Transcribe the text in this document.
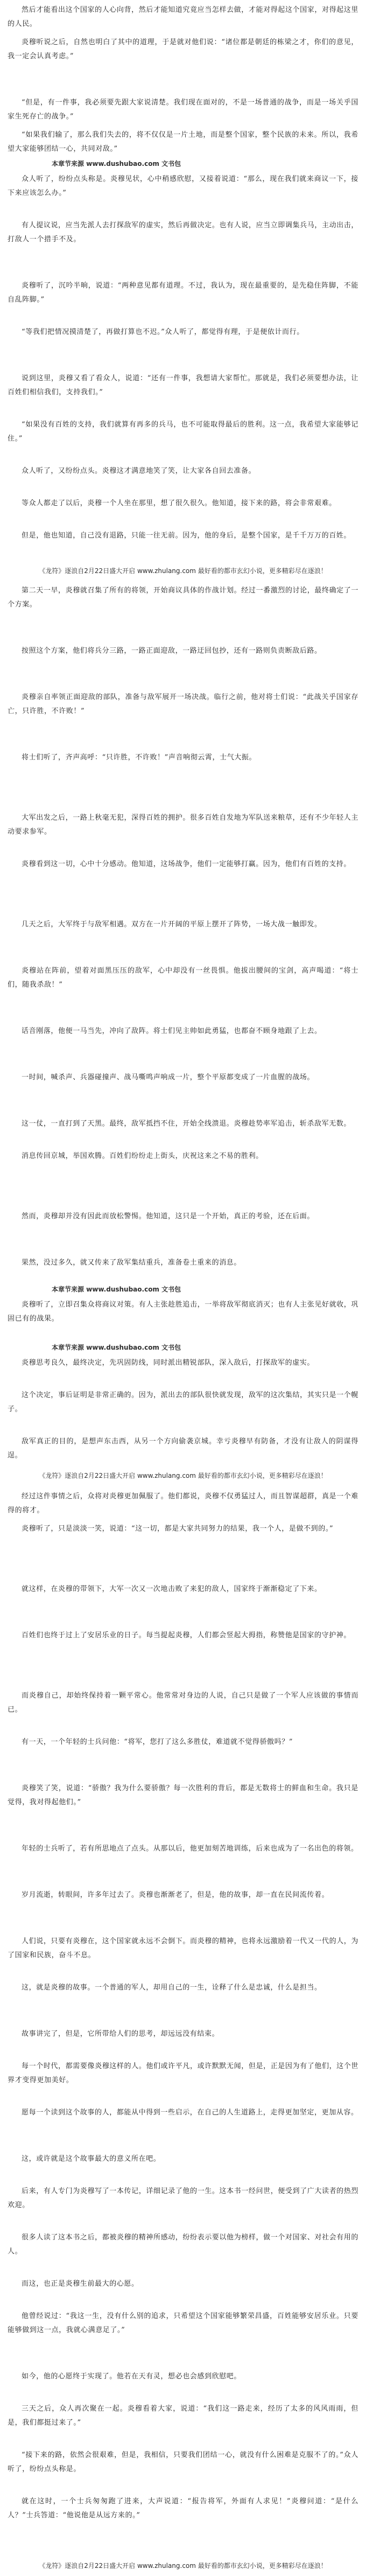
然后才能看出这个国家的人心向背，然后才能知道究竟应当怎样去做，才能对得起这个国家，对得起这里的人民。

炎穆听说之后，自然也明白了其中的道理，于是就对他们说：“诸位都是朝廷的栋梁之才，你们的意见，我一定会认真考虑。”

“但是，有一件事，我必须要先跟大家说清楚。我们现在面对的，不是一场普通的战争，而是一场关乎国家生死存亡的战争。”

“如果我们输了，那么我们失去的，将不仅仅是一片土地，而是整个国家，整个民族的未来。所以，我希望大家能够团结一心，共同对敌。”

本章节来源 www.dushubao.com 文书包

众人听了，纷纷点头称是。炎穆见状，心中稍感欣慰，又接着说道：“那么，现在我们就来商议一下，接下来应该怎么办。”

有人提议说，应当先派人去打探敌军的虚实，然后再做决定。也有人说，应当立即调集兵马，主动出击，打敌人一个措手不及。

炎穆听了，沉吟半晌，说道：“两种意见都有道理。不过，我认为，现在最重要的，是先稳住阵脚，不能自乱阵脚。”

“等我们把情况摸清楚了，再做打算也不迟。”众人听了，都觉得有理，于是便依计而行。

说到这里，炎穆又看了看众人，说道：“还有一件事，我想请大家帮忙。那就是，我们必须要想办法，让百姓们相信我们，支持我们。”

“如果没有百姓的支持，我们就算有再多的兵马，也不可能取得最后的胜利。这一点，我希望大家能够记住。”

众人听了，又纷纷点头。炎穆这才满意地笑了笑，让大家各自回去准备。

等众人都走了以后，炎穆一个人坐在那里，想了很久很久。他知道，接下来的路，将会非常艰难。

但是，他也知道，自己没有退路，只能一往无前。因为，他的身后，是整个国家，是千千万万的百姓。

《龙符》逐浪自2月22日盛大开启 www.zhulang.com 最好看的都市玄幻小说，更多精彩尽在逐浪！

第二天一早，炎穆就召集了所有的将领，开始商议具体的作战计划。经过一番激烈的讨论，最终确定了一个方案。

按照这个方案，他们将兵分三路，一路正面迎敌，一路迂回包抄，还有一路则负责断敌后路。

炎穆亲自率领正面迎敌的部队，准备与敌军展开一场决战。临行之前，他对将士们说：“此战关乎国家存亡，只许胜，不许败！”

将士们听了，齐声高呼：“只许胜，不许败！”声音响彻云霄，士气大振。

大军出发之后，一路上秋毫无犯，深得百姓的拥护。很多百姓自发地为军队送来粮草，还有不少年轻人主动要求参军。

炎穆看到这一切，心中十分感动。他知道，这场战争，他们一定能够打赢。因为，他们有百姓的支持。

几天之后，大军终于与敌军相遇。双方在一片开阔的平原上摆开了阵势，一场大战一触即发。

炎穆站在阵前，望着对面黑压压的敌军，心中却没有一丝畏惧。他拔出腰间的宝剑，高声喝道：“将士们，随我杀敌！”

话音刚落，他便一马当先，冲向了敌阵。将士们见主帅如此勇猛，也都奋不顾身地跟了上去。

一时间，喊杀声、兵器碰撞声、战马嘶鸣声响成一片，整个平原都变成了一片血腥的战场。

这一仗，一直打到了天黑。最终，敌军抵挡不住，开始全线溃退。炎穆趁势率军追击，斩杀敌军无数。

消息传回京城，举国欢腾。百姓们纷纷走上街头，庆祝这来之不易的胜利。

然而，炎穆却并没有因此而放松警惕。他知道，这只是一个开始，真正的考验，还在后面。

果然，没过多久，就又传来了敌军集结重兵，准备卷土重来的消息。

本章节来源 www.dushubao.com 文书包

炎穆听了，立即召集众将商议对策。有人主张趁胜追击，一举将敌军彻底消灭；也有人主张见好就收，巩固已有的战果。

本章节来源 www.dushubao.com 文书包

炎穆思考良久，最终决定，先巩固防线，同时派出精锐部队，深入敌后，打探敌军的虚实。

这个决定，事后证明是非常正确的。因为，派出去的部队很快就发现，敌军的这次集结，其实只是一个幌子。

敌军真正的目的，是想声东击西，从另一个方向偷袭京城。幸亏炎穆早有防备，才没有让敌人的阴谋得逞。

《龙符》逐浪自2月22日盛大开启 www.zhulang.com 最好看的都市玄幻小说，更多精彩尽在逐浪！

经过这件事情之后，众将对炎穆更加佩服了。他们都说，炎穆不仅勇猛过人，而且智谋超群，真是一个难得的将才。

炎穆听了，只是淡淡一笑，说道：“这一切，都是大家共同努力的结果，我一个人，是做不到的。”

就这样，在炎穆的带领下，大军一次又一次地击败了来犯的敌人，国家终于渐渐稳定了下来。

百姓们也终于过上了安居乐业的日子。每当提起炎穆，人们都会竖起大拇指，称赞他是国家的守护神。

而炎穆自己，却始终保持着一颗平常心。他常常对身边的人说，自己只是做了一个军人应该做的事情而已。

有一天，一个年轻的士兵问他：“将军，您打了这么多胜仗，难道就不觉得骄傲吗？”

炎穆笑了笑，说道：“骄傲？我为什么要骄傲？每一次胜利的背后，都是无数将士的鲜血和生命。我只是觉得，我对得起他们。”

年轻的士兵听了，若有所思地点了点头。从那以后，他更加刻苦地训练，后来也成为了一名出色的将领。

岁月流逝，转眼间，许多年过去了。炎穆也渐渐老了，但是，他的故事，却一直在民间流传着。

人们说，只要有炎穆在，这个国家就永远不会倒下。而炎穆的精神，也将永远激励着一代又一代的人，为了国家和民族，奋斗不息。

这，就是炎穆的故事。一个普通的军人，却用自己的一生，诠释了什么是忠诚，什么是担当。

故事讲完了，但是，它所带给人们的思考，却远远没有结束。

每一个时代，都需要像炎穆这样的人。他们或许平凡，或许默默无闻，但是，正是因为有了他们，这个世界才变得更加美好。

愿每一个读到这个故事的人，都能从中得到一些启示，在自己的人生道路上，走得更加坚定，更加从容。

这，或许就是这个故事最大的意义所在吧。

后来，有人专门为炎穆写了一本传记，详细记录了他的一生。这本书一经问世，便受到了广大读者的热烈欢迎。

很多人读了这本书之后，都被炎穆的精神所感动，纷纷表示要以他为榜样，做一个对国家、对社会有用的人。

而这，也正是炎穆生前最大的心愿。

他曾经说过：“我这一生，没有什么别的追求，只希望这个国家能够繁荣昌盛，百姓能够安居乐业。只要能够做到这一点，我就心满意足了。”

如今，他的心愿终于实现了。他若在天有灵，想必也会感到欣慰吧。

三天之后，众人再次聚在一起。炎穆看着大家，说道：“我们这一路走来，经历了太多的风风雨雨，但是，我们都挺过来了。”

“接下来的路，依然会很艰难，但是，我相信，只要我们团结一心，就没有什么困难是克服不了的。”众人听了，纷纷点头称是。

就在这时，一个士兵匆匆跑了进来，大声说道：“报告将军，外面有人求见！”炎穆问道：“是什么人？”士兵答道：“他说他是从远方来的。”

《龙符》逐浪自2月22日盛大开启 www.zhulang.com 最好看的都市玄幻小说，更多精彩尽在逐浪！
